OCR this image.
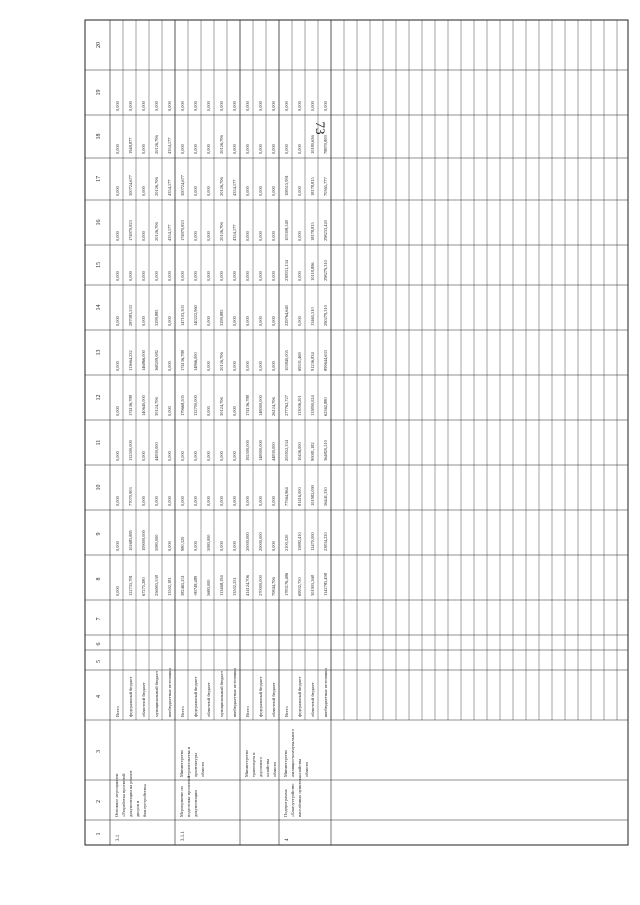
73
1
2
3
4
5
6
7
8
9
10
11
12
13
14
15
16
17
18
19
20
Всего
0,000
0,000
0,000
0,000
0,000
0,000
0,000
0,000
0,000
0,000
0,000
0,000
федеральный бюджет
122735,781
102685,885
77070,903
132500,000
174136,788
113664,232
287083,533
0,000
174970,823
300724,677
1948,877
0,000
областной бюджет
67275,280
109000,000
0,000
0,000
140640,000
146866,000
0,000
0,000
0,000
0,000
0,000
0,000
муниципальный бюджет
256905,558
5080,000
0,000
44830,000
30124,706
168209,082
3299,885
0,000
20126,706
20126,706
20126,706
0,000
внебюджетные источники
13502,181
0,000
0,000
0,000
0,000
0,000
0,000
0,000
4354,177
4354,177
4354,177
0,000
3.1
Основное мероприятие «Разработка проектной документации на ремонт дворов и благоустройство»
Всего
382465,251
980,320
0,000
0,000
179668,505
174136,788
147103,303
0,000
174970,823
300724,677
0,000
0,000
федеральный бюджет
-80748,489
0,000
0,000
0,000
132700,000
14866,000
140222,960
0,000
0,000
0,000
0,000
0,000
областной бюджет
5680,000
5080,000
0,000
0,000
0,000
0,000
0,000
0,000
0,000
0,000
0,000
0,000
муниципальный бюджет
113468,194
0,000
0,000
0,000
30124,706
20126,706
3299,885
0,000
20126,706
20126,706
20126,706
0,000
внебюджетные источники
13502,251
0,000
0,000
0,000
0,000
0,000
0,000
0,000
4354,177
4354,177
0,000
0,000
3.1.1
Мероприятие по подготовке проектной документации
Министерство строительства и архитектуры области
Всего
414124,706
20000,000
0,000
192500,000
174136,788
0,000
0,000
0,000
0,000
0,000
0,000
0,000
федеральный бюджет
270000,000
20000,000
0,000
148000,000
148000,000
0,000
0,000
0,000
0,000
0,000
0,000
0,000
областной бюджет
70844,706
0,000
0,000
44830,000
26124,706
0,000
0,000
0,000
0,000
0,000
0,000
0,000
Министерство транспорта и дорожного хозяйства области
Всего
1783176,486
2100,320
77564,964
205952,334
277762,727
103840,005
229764,640
238031,134
103308,549
108515,991
0,000
0,000
федеральный бюджет
69932,750
15882,410
81416,000
10436,000
113006,201
69331,469
0,000
0,000
0,000
0,000
0,000
0,000
областной бюджет
301905,268
12470,000
101982,090
90081,182
115890,024
91236,834
13465,510
10118,806
18178,815
18178,815
10180,636
0,000
внебюджетные источники
1142785,498
23834,220
56441,330
364820,210
62362,880
899644,633
290279,310
298279,310
298233,420
70365,777
78870,809
0,000
4
Подпрограмма «Благоустройство населённых пунктов»
Министерство жилищно-коммунального хозяйства области
